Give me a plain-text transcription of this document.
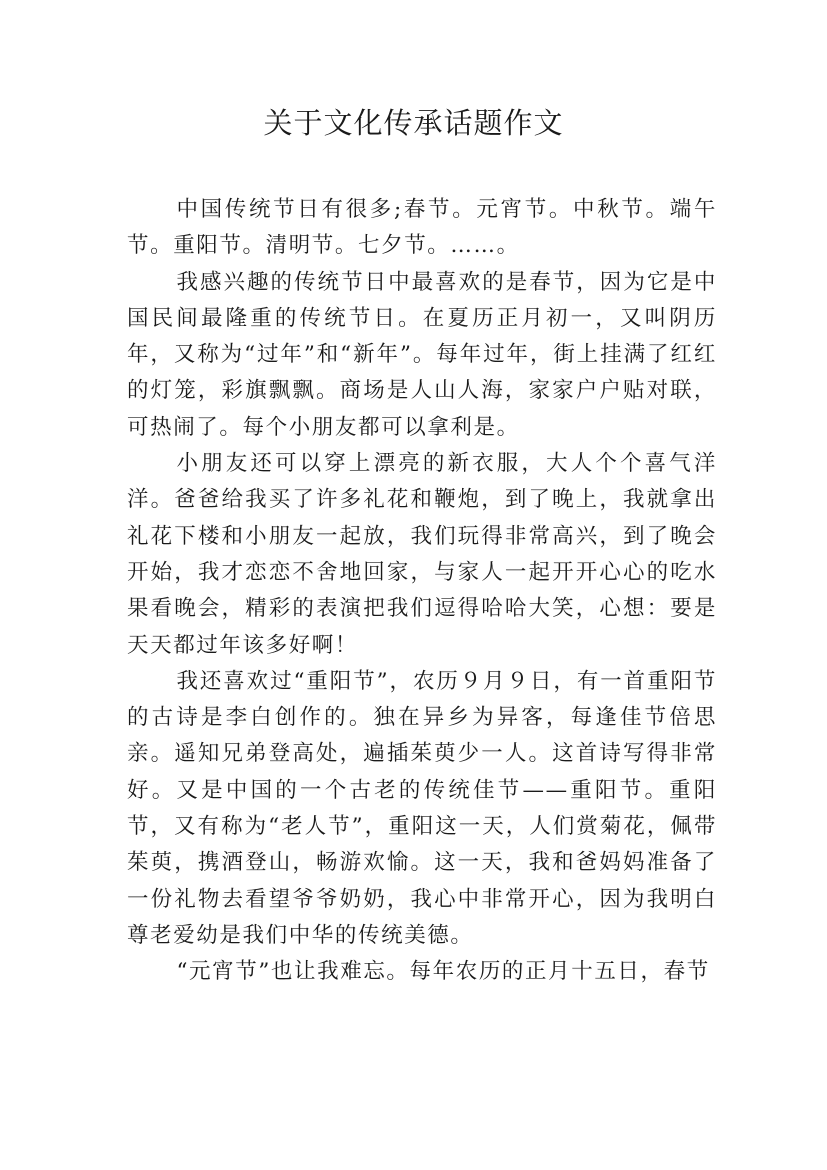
关于文化传承话题作文

中国传统节日有很多;春节。元宵节。中秋节。端午节。重阳节。清明节。七夕节。……。

我感兴趣的传统节日中最喜欢的是春节，因为它是中国民间最隆重的传统节日。在夏历正月初一，又叫阴历年，又称为“过年”和“新年”。每年过年，街上挂满了红红的灯笼，彩旗飘飘。商场是人山人海，家家户户贴对联，可热闹了。每个小朋友都可以拿利是。

小朋友还可以穿上漂亮的新衣服，大人个个喜气洋洋。爸爸给我买了许多礼花和鞭炮，到了晚上，我就拿出礼花下楼和小朋友一起放，我们玩得非常高兴，到了晚会开始，我才恋恋不舍地回家，与家人一起开开心心的吃水果看晚会，精彩的表演把我们逗得哈哈大笑，心想：要是天天都过年该多好啊！

我还喜欢过“重阳节”，农历９月９日，有一首重阳节的古诗是李白创作的。独在异乡为异客，每逢佳节倍思亲。遥知兄弟登高处，遍插茱萸少一人。这首诗写得非常好。又是中国的一个古老的传统佳节——重阳节。重阳节，又有称为“老人节”，重阳这一天，人们赏菊花，佩带茱萸，携酒登山，畅游欢愉。这一天，我和爸妈妈准备了一份礼物去看望爷爷奶奶，我心中非常开心，因为我明白尊老爱幼是我们中华的传统美德。

“元宵节”也让我难忘。每年农历的正月十五日，春节
